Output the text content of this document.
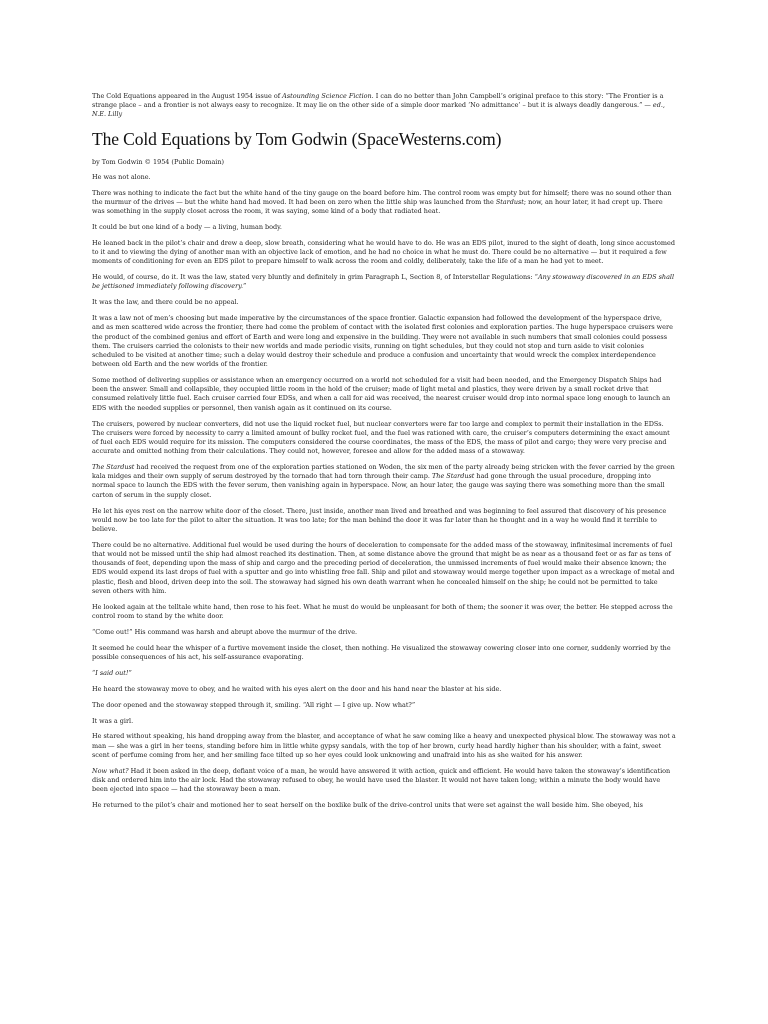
The Cold Equations appeared in the August 1954 issue of Astounding Science Fiction. I can do no better than John Campbell’s original preface to this story: “The Frontier is a strange place – and a frontier is not always easy to recognize. It may lie on the other side of a simple door marked ‘No admittance’ – but it is always deadly dangerous.” — ed., N.E. Lilly

The Cold Equations by Tom Godwin (SpaceWesterns.com)

by Tom Godwin © 1954 (Public Domain)

He was not alone.

There was nothing to indicate the fact but the white hand of the tiny gauge on the board before him. The control room was empty but for himself; there was no sound other than the murmur of the drives — but the white hand had moved. It had been on zero when the little ship was launched from the Stardust; now, an hour later, it had crept up. There was something in the supply closet across the room, it was saying, some kind of a body that radiated heat.

It could be but one kind of a body — a living, human body.

He leaned back in the pilot’s chair and drew a deep, slow breath, considering what he would have to do. He was an EDS pilot, inured to the sight of death, long since accustomed to it and to viewing the dying of another man with an objective lack of emotion, and he had no choice in what he must do. There could be no alternative — but it required a few moments of conditioning for even an EDS pilot to prepare himself to walk across the room and coldly, deliberately, take the life of a man he had yet to meet.

He would, of course, do it. It was the law, stated very bluntly and definitely in grim Paragraph L, Section 8, of Interstellar Regulations: “Any stowaway discovered in an EDS shall be jettisoned immediately following discovery.”

It was the law, and there could be no appeal.

It was a law not of men’s choosing but made imperative by the circumstances of the space frontier. Galactic expansion had followed the development of the hyperspace drive, and as men scattered wide across the frontier, there had come the problem of contact with the isolated first colonies and exploration parties. The huge hyperspace cruisers were the product of the combined genius and effort of Earth and were long and expensive in the building. They were not available in such numbers that small colonies could possess them. The cruisers carried the colonists to their new worlds and made periodic visits, running on tight schedules, but they could not stop and turn aside to visit colonies scheduled to be visited at another time; such a delay would destroy their schedule and produce a confusion and uncertainty that would wreck the complex interdependence between old Earth and the new worlds of the frontier.

Some method of delivering supplies or assistance when an emergency occurred on a world not scheduled for a visit had been needed, and the Emergency Dispatch Ships had been the answer. Small and collapsible, they occupied little room in the hold of the cruiser; made of light metal and plastics, they were driven by a small rocket drive that consumed relatively little fuel. Each cruiser carried four EDSs, and when a call for aid was received, the nearest cruiser would drop into normal space long enough to launch an EDS with the needed supplies or personnel, then vanish again as it continued on its course.

The cruisers, powered by nuclear converters, did not use the liquid rocket fuel, but nuclear converters were far too large and complex to permit their installation in the EDSs. The cruisers were forced by necessity to carry a limited amount of bulky rocket fuel, and the fuel was rationed with care, the cruiser’s computers determining the exact amount of fuel each EDS would require for its mission. The computers considered the course coordinates, the mass of the EDS, the mass of pilot and cargo; they were very precise and accurate and omitted nothing from their calculations. They could not, however, foresee and allow for the added mass of a stowaway.

The Stardust had received the request from one of the exploration parties stationed on Woden, the six men of the party already being stricken with the fever carried by the green kala midges and their own supply of serum destroyed by the tornado that had torn through their camp. The Stardust had gone through the usual procedure, dropping into normal space to launch the EDS with the fever serum, then vanishing again in hyperspace. Now, an hour later, the gauge was saying there was something more than the small carton of serum in the supply closet.

He let his eyes rest on the narrow white door of the closet. There, just inside, another man lived and breathed and was beginning to feel assured that discovery of his presence would now be too late for the pilot to alter the situation. It was too late; for the man behind the door it was far later than he thought and in a way he would find it terrible to believe.

There could be no alternative. Additional fuel would be used during the hours of deceleration to compensate for the added mass of the stowaway, infinitesimal increments of fuel that would not be missed until the ship had almost reached its destination. Then, at some distance above the ground that might be as near as a thousand feet or as far as tens of thousands of feet, depending upon the mass of ship and cargo and the preceding period of deceleration, the unmissed increments of fuel would make their absence known; the EDS would expend its last drops of fuel with a sputter and go into whistling free fall. Ship and pilot and stowaway would merge together upon impact as a wreckage of metal and plastic, flesh and blood, driven deep into the soil. The stowaway had signed his own death warrant when he concealed himself on the ship; he could not be permitted to take seven others with him.

He looked again at the telltale white hand, then rose to his feet. What he must do would be unpleasant for both of them; the sooner it was over, the better. He stepped across the control room to stand by the white door.

“Come out!” His command was harsh and abrupt above the murmur of the drive.

It seemed he could hear the whisper of a furtive movement inside the closet, then nothing. He visualized the stowaway cowering closer into one corner, suddenly worried by the possible consequences of his act, his self-assurance evaporating.

“I said out!”

He heard the stowaway move to obey, and he waited with his eyes alert on the door and his hand near the blaster at his side.

The door opened and the stowaway stepped through it, smiling. “All right — I give up. Now what?”

It was a girl.

He stared without speaking, his hand dropping away from the blaster, and acceptance of what he saw coming like a heavy and unexpected physical blow. The stowaway was not a man — she was a girl in her teens, standing before him in little white gypsy sandals, with the top of her brown, curly head hardly higher than his shoulder, with a faint, sweet scent of perfume coming from her, and her smiling face tilted up so her eyes could look unknowing and unafraid into his as she waited for his answer.

Now what? Had it been asked in the deep, defiant voice of a man, he would have answered it with action, quick and efficient. He would have taken the stowaway’s identification disk and ordered him into the air lock. Had the stowaway refused to obey, he would have used the blaster. It would not have taken long; within a minute the body would have been ejected into space — had the stowaway been a man.

He returned to the pilot’s chair and motioned her to seat herself on the boxlike bulk of the drive-control units that were set against the wall beside him. She obeyed, his
